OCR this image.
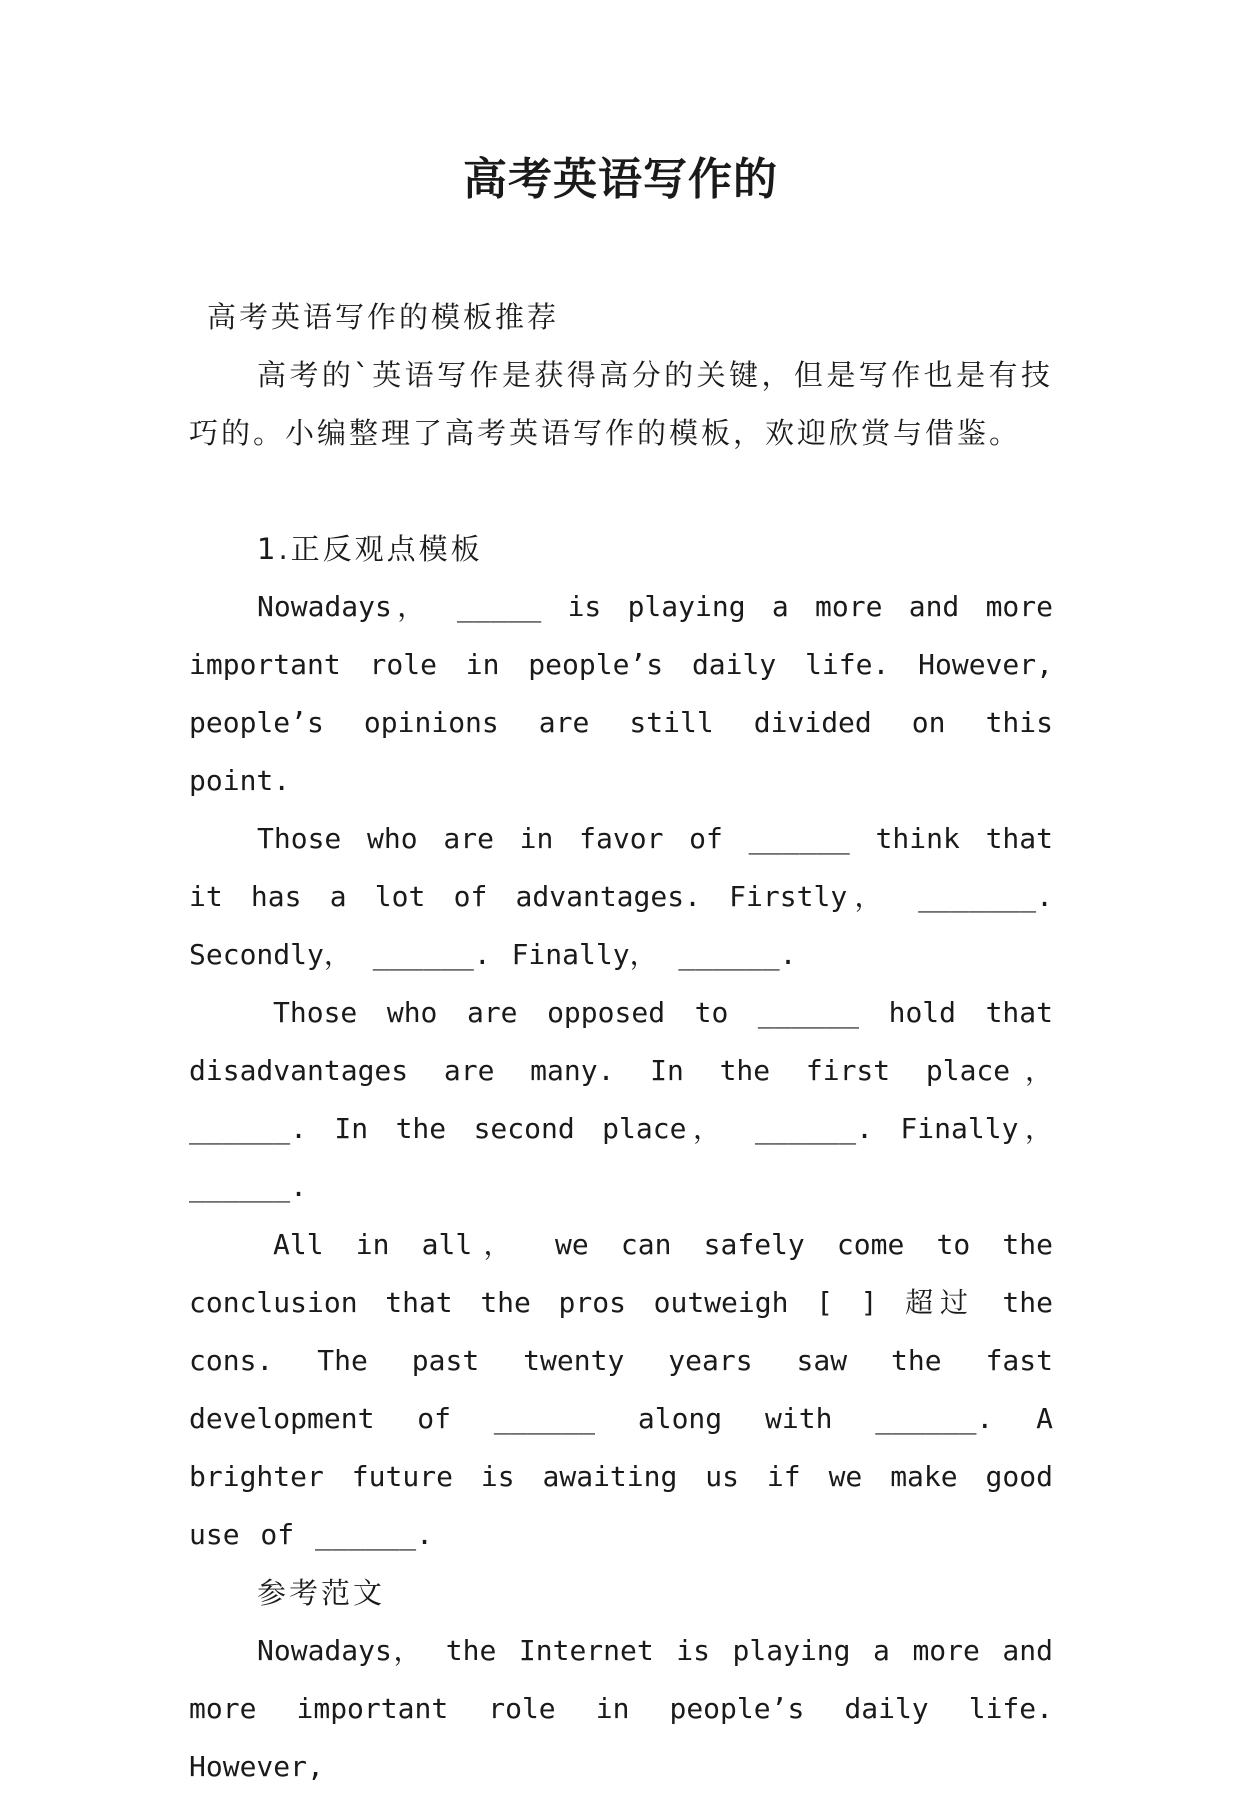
高考英语写作的

高考英语写作的模板推荐

高考的`英语写作是获得高分的关键，但是写作也是有技巧的。小编整理了高考英语写作的模板，欢迎欣赏与借鉴。

1.正反观点模板

Nowadays， _____ is playing a more and more important role in people’s daily life. However, people’s opinions are still divided on this point.

Those who are in favor of ______ think that it has a lot of advantages. Firstly， _______. Secondly， ______. Finally， ______.

Those who are opposed to ______ hold that disadvantages are many. In the first place， ______. In the second place， ______. Finally， ______.

All in all， we can safely come to the conclusion that the pros outweigh [ ] 超过 the cons. The past twenty years saw the fast development of ______ along with ______. A brighter future is awaiting us if we make good use of ______.

参考范文

Nowadays， the Internet is playing a more and more important role in people’s daily life. However,
